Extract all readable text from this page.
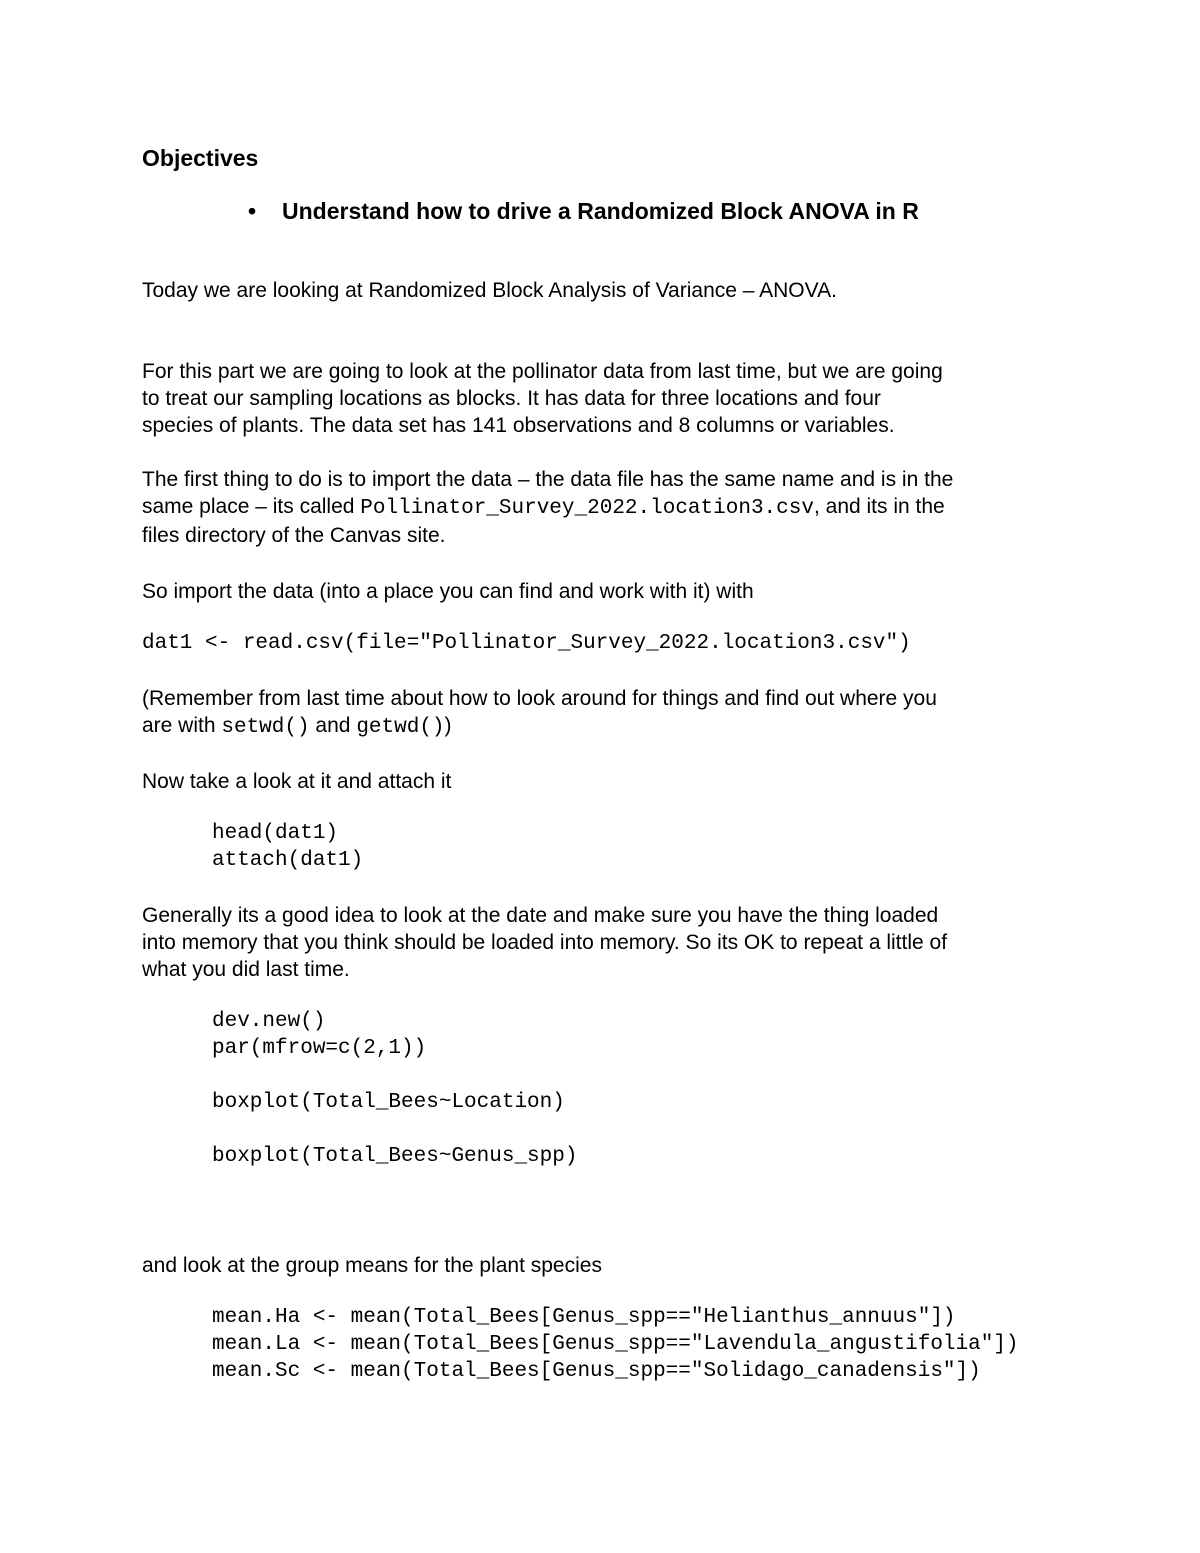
Objectives
• Understand how to drive a Randomized Block ANOVA in R
Today we are looking at Randomized Block Analysis of Variance – ANOVA.
For this part we are going to look at the pollinator data from last time, but we are going
to treat our sampling locations as blocks. It has data for three locations and four
species of plants. The data set has 141 observations and 8 columns or variables.
The first thing to do is to import the data – the data file has the same name and is in the
same place – its called Pollinator_Survey_2022.location3.csv, and its in the
files directory of the Canvas site.
So import the data (into a place you can find and work with it) with
dat1 <- read.csv(file="Pollinator_Survey_2022.location3.csv")
(Remember from last time about how to look around for things and find out where you
are with setwd() and getwd())
Now take a look at it and attach it
head(dat1)
attach(dat1)
Generally its a good idea to look at the date and make sure you have the thing loaded
into memory that you think should be loaded into memory. So its OK to repeat a little of
what you did last time.
dev.new()
par(mfrow=c(2,1))
boxplot(Total_Bees~Location)
boxplot(Total_Bees~Genus_spp)
and look at the group means for the plant species
mean.Ha <- mean(Total_Bees[Genus_spp=="Helianthus_annuus"])
mean.La <- mean(Total_Bees[Genus_spp=="Lavendula_angustifolia"])
mean.Sc <- mean(Total_Bees[Genus_spp=="Solidago_canadensis"])
